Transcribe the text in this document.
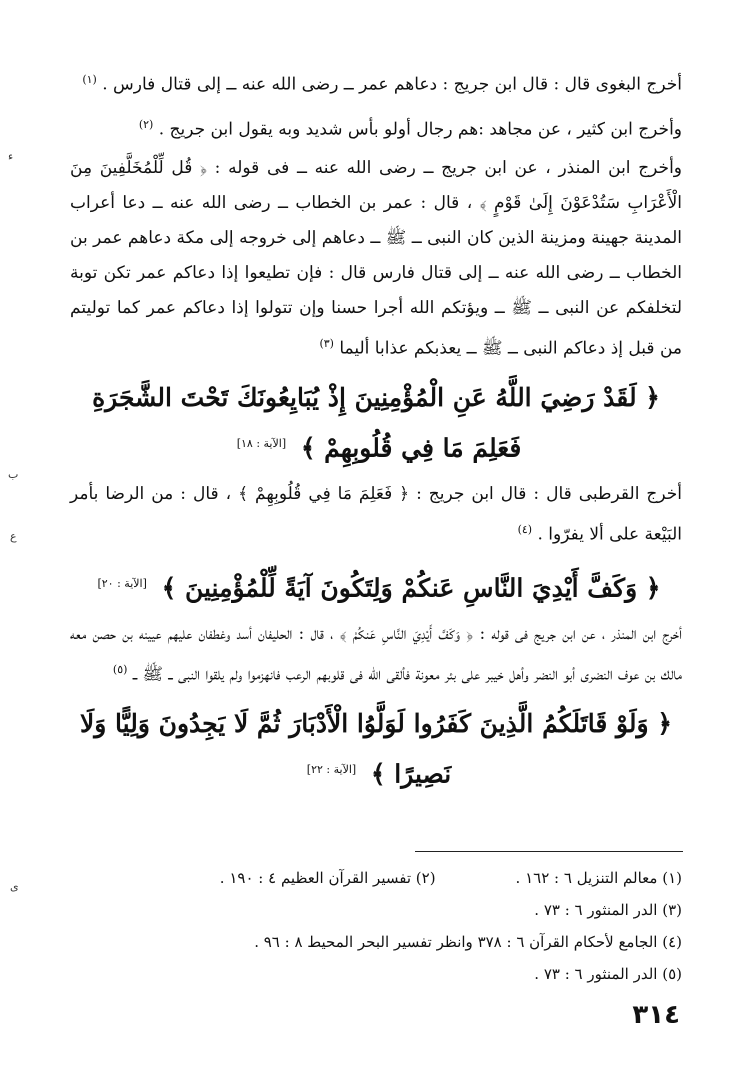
أخرج البغوى قال : قال ابن جريج : دعاهم عمر ــ رضى الله عنه ــ إلى قتال فارس . $^{(١)}$

وأخرج ابن كثير ، عن مجاهد :هم رجال أولو بأس شديد وبه يقول ابن جريج . $^{(٢)}$

وأخرج ابن المنذر ، عن ابن جريج ــ رضى الله عنه ــ فى قوله : ﴿ قُل لِّلْمُخَلَّفِينَ مِنَ الْأَعْرَابِ سَتُدْعَوْنَ إِلَىٰ قَوْمٍ ﴾ ، قال : عمر بن الخطاب ــ رضى الله عنه ــ دعا أعراب المدينة جهينة ومزينة الذين كان النبى ــ ﷺ ــ دعاهم إلى خروجه إلى مكة دعاهم عمر بن الخطاب ــ رضى الله عنه ــ إلى قتال فارس قال : فإن تطيعوا إذا دعاكم عمر تكن توبة لتخلفكم عن النبى ــ ﷺ ــ ويؤتكم الله أجرا حسنا وإن تتولوا إذا دعاكم عمر كما توليتم من قبل إذ دعاكم النبى ــ ﷺ ــ يعذبكم عذابا أليما $^{(٣)}$

﴿ لَقَدْ رَضِيَ اللَّهُ عَنِ الْمُؤْمِنِينَ إِذْ يُبَايِعُونَكَ تَحْتَ الشَّجَرَةِ فَعَلِمَ مَا فِي قُلُوبِهِمْ ﴾ [الآية : ١٨]

أخرج القرطبى قال : قال ابن جريج : ﴿ فَعَلِمَ مَا فِي قُلُوبِهِمْ ﴾ ، قال : من الرضا بأمر البَيْعة على ألا يفرّوا . $^{(٤)}$

﴿ وَكَفَّ أَيْدِيَ النَّاسِ عَنكُمْ وَلِتَكُونَ آيَةً لِّلْمُؤْمِنِينَ ﴾ [الآية : ٢٠]

أخرج ابن المنذر ، عن ابن جريج فى قوله : ﴿ وَكَفَّ أَيْدِيَ النَّاسِ عَنكُمْ ﴾ ، قال : الحليفان أسد وغطفان عليهم عيينه بن حصن معه مالك بن عوف النضرى أبو النضر وأهل خيبر على بئر معونة فألقى الله فى قلوبهم الرعب فانهزموا ولم يلقوا النبى ــ ﷺ ــ $^{(٥)}$

﴿ وَلَوْ قَاتَلَكُمُ الَّذِينَ كَفَرُوا لَوَلَّوُا الْأَدْبَارَ ثُمَّ لَا يَجِدُونَ وَلِيًّا وَلَا نَصِيرًا ﴾ [الآية : ٢٢]
(١) معالم التنزيل ٦ : ١٦٢ .
(٢) تفسير القرآن العظيم ٤ : ١٩٠ .
(٣) الدر المنثور ٦ : ٧٣ .
(٤) الجامع لأحكام القرآن ٦ : ٣٧٨ وانظر تفسير البحر المحيط ٨ : ٩٦ .
(٥) الدر المنثور ٦ : ٧٣ .
٣١٤
ء
ع
ب
ى
